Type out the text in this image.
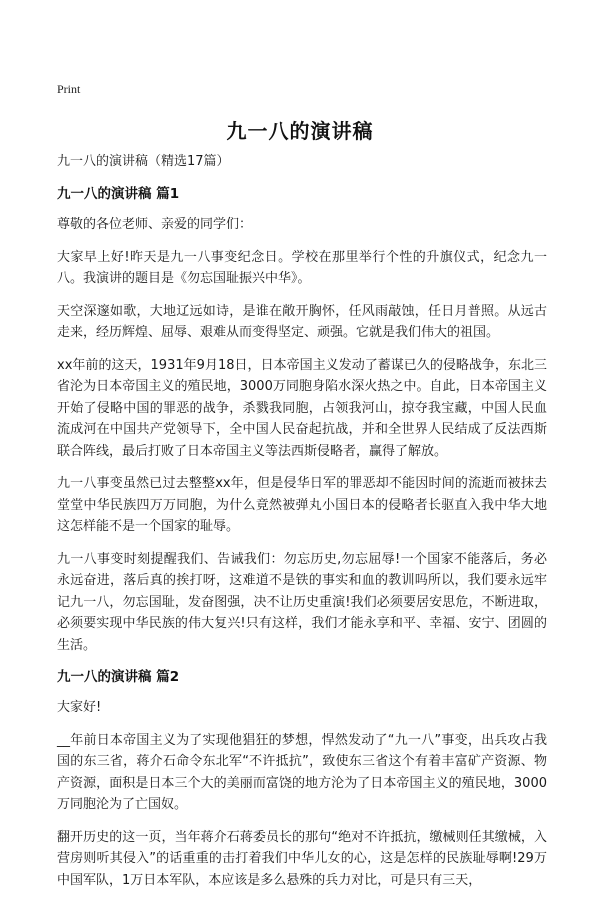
Print
九一八的演讲稿

九一八的演讲稿（精选17篇）

九一八的演讲稿 篇1

尊敬的各位老师、亲爱的同学们：

大家早上好!昨天是九一八事变纪念日。学校在那里举行个性的升旗仪式，纪念九一八。我演讲的题目是《勿忘国耻振兴中华》。

天空深邃如歌，大地辽远如诗，是谁在敞开胸怀，任风雨敲蚀，任日月普照。从远古走来，经历辉煌、屈辱、艰难从而变得坚定、顽强。它就是我们伟大的祖国。

xx年前的这天，1931年9月18日，日本帝国主义发动了蓄谋已久的侵略战争，东北三省沦为日本帝国主义的殖民地，3000万同胞身陷水深火热之中。自此，日本帝国主义开始了侵略中国的罪恶的战争，杀戮我同胞，占领我河山，掠夺我宝藏，中国人民血流成河在中国共产党领导下，全中国人民奋起抗战，并和全世界人民结成了反法西斯联合阵线，最后打败了日本帝国主义等法西斯侵略者，赢得了解放。

九一八事变虽然已过去整整xx年，但是侵华日军的罪恶却不能因时间的流逝而被抹去堂堂中华民族四万万同胞，为什么竟然被弹丸小国日本的侵略者长驱直入我中华大地这怎样能不是一个国家的耻辱。

九一八事变时刻提醒我们、告诫我们：勿忘历史,勿忘屈辱!一个国家不能落后，务必永远奋进，落后真的挨打呀，这难道不是铁的事实和血的教训吗所以，我们要永远牢记九一八，勿忘国耻，发奋图强，决不让历史重演!我们必须要居安思危，不断进取，必须要实现中华民族的伟大复兴!只有这样，我们才能永享和平、幸福、安宁、团圆的生活。

九一八的演讲稿 篇2

大家好!

__年前日本帝国主义为了实现他猖狂的梦想，悍然发动了“九一八”事变，出兵攻占我国的东三省，蒋介石命令东北军“不许抵抗”，致使东三省这个有着丰富矿产资源、物产资源，面积是日本三个大的美丽而富饶的地方沦为了日本帝国主义的殖民地，3000万同胞沦为了亡国奴。

翻开历史的这一页，当年蒋介石蒋委员长的那句“绝对不许抵抗，缴械则任其缴械，入营房则听其侵入”的话重重的击打着我们中华儿女的心，这是怎样的民族耻辱啊!29万中国军队，1万日本军队，本应该是多么悬殊的兵力对比，可是只有三天，
